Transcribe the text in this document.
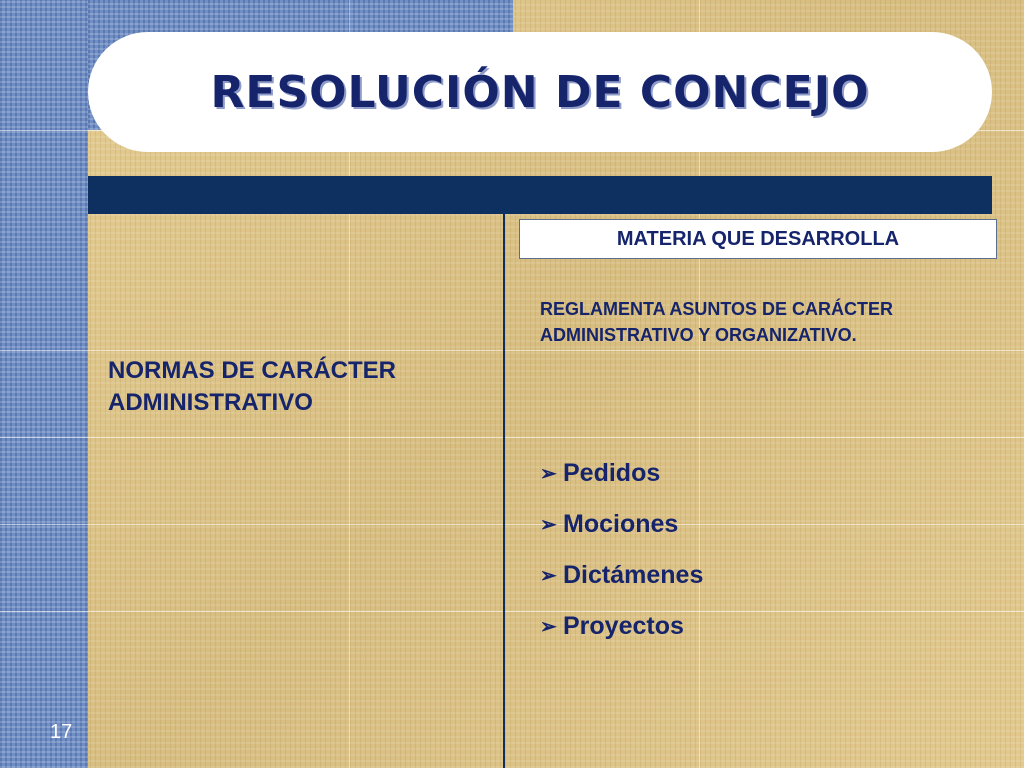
RESOLUCIÓN DE CONCEJO
MATERIA QUE DESARROLLA
REGLAMENTA ASUNTOS DE CARÁCTER ADMINISTRATIVO Y ORGANIZATIVO.
NORMAS DE CARÁCTER ADMINISTRATIVO
➢ Pedidos
➢ Mociones
➢ Dictámenes
➢ Proyectos
17
